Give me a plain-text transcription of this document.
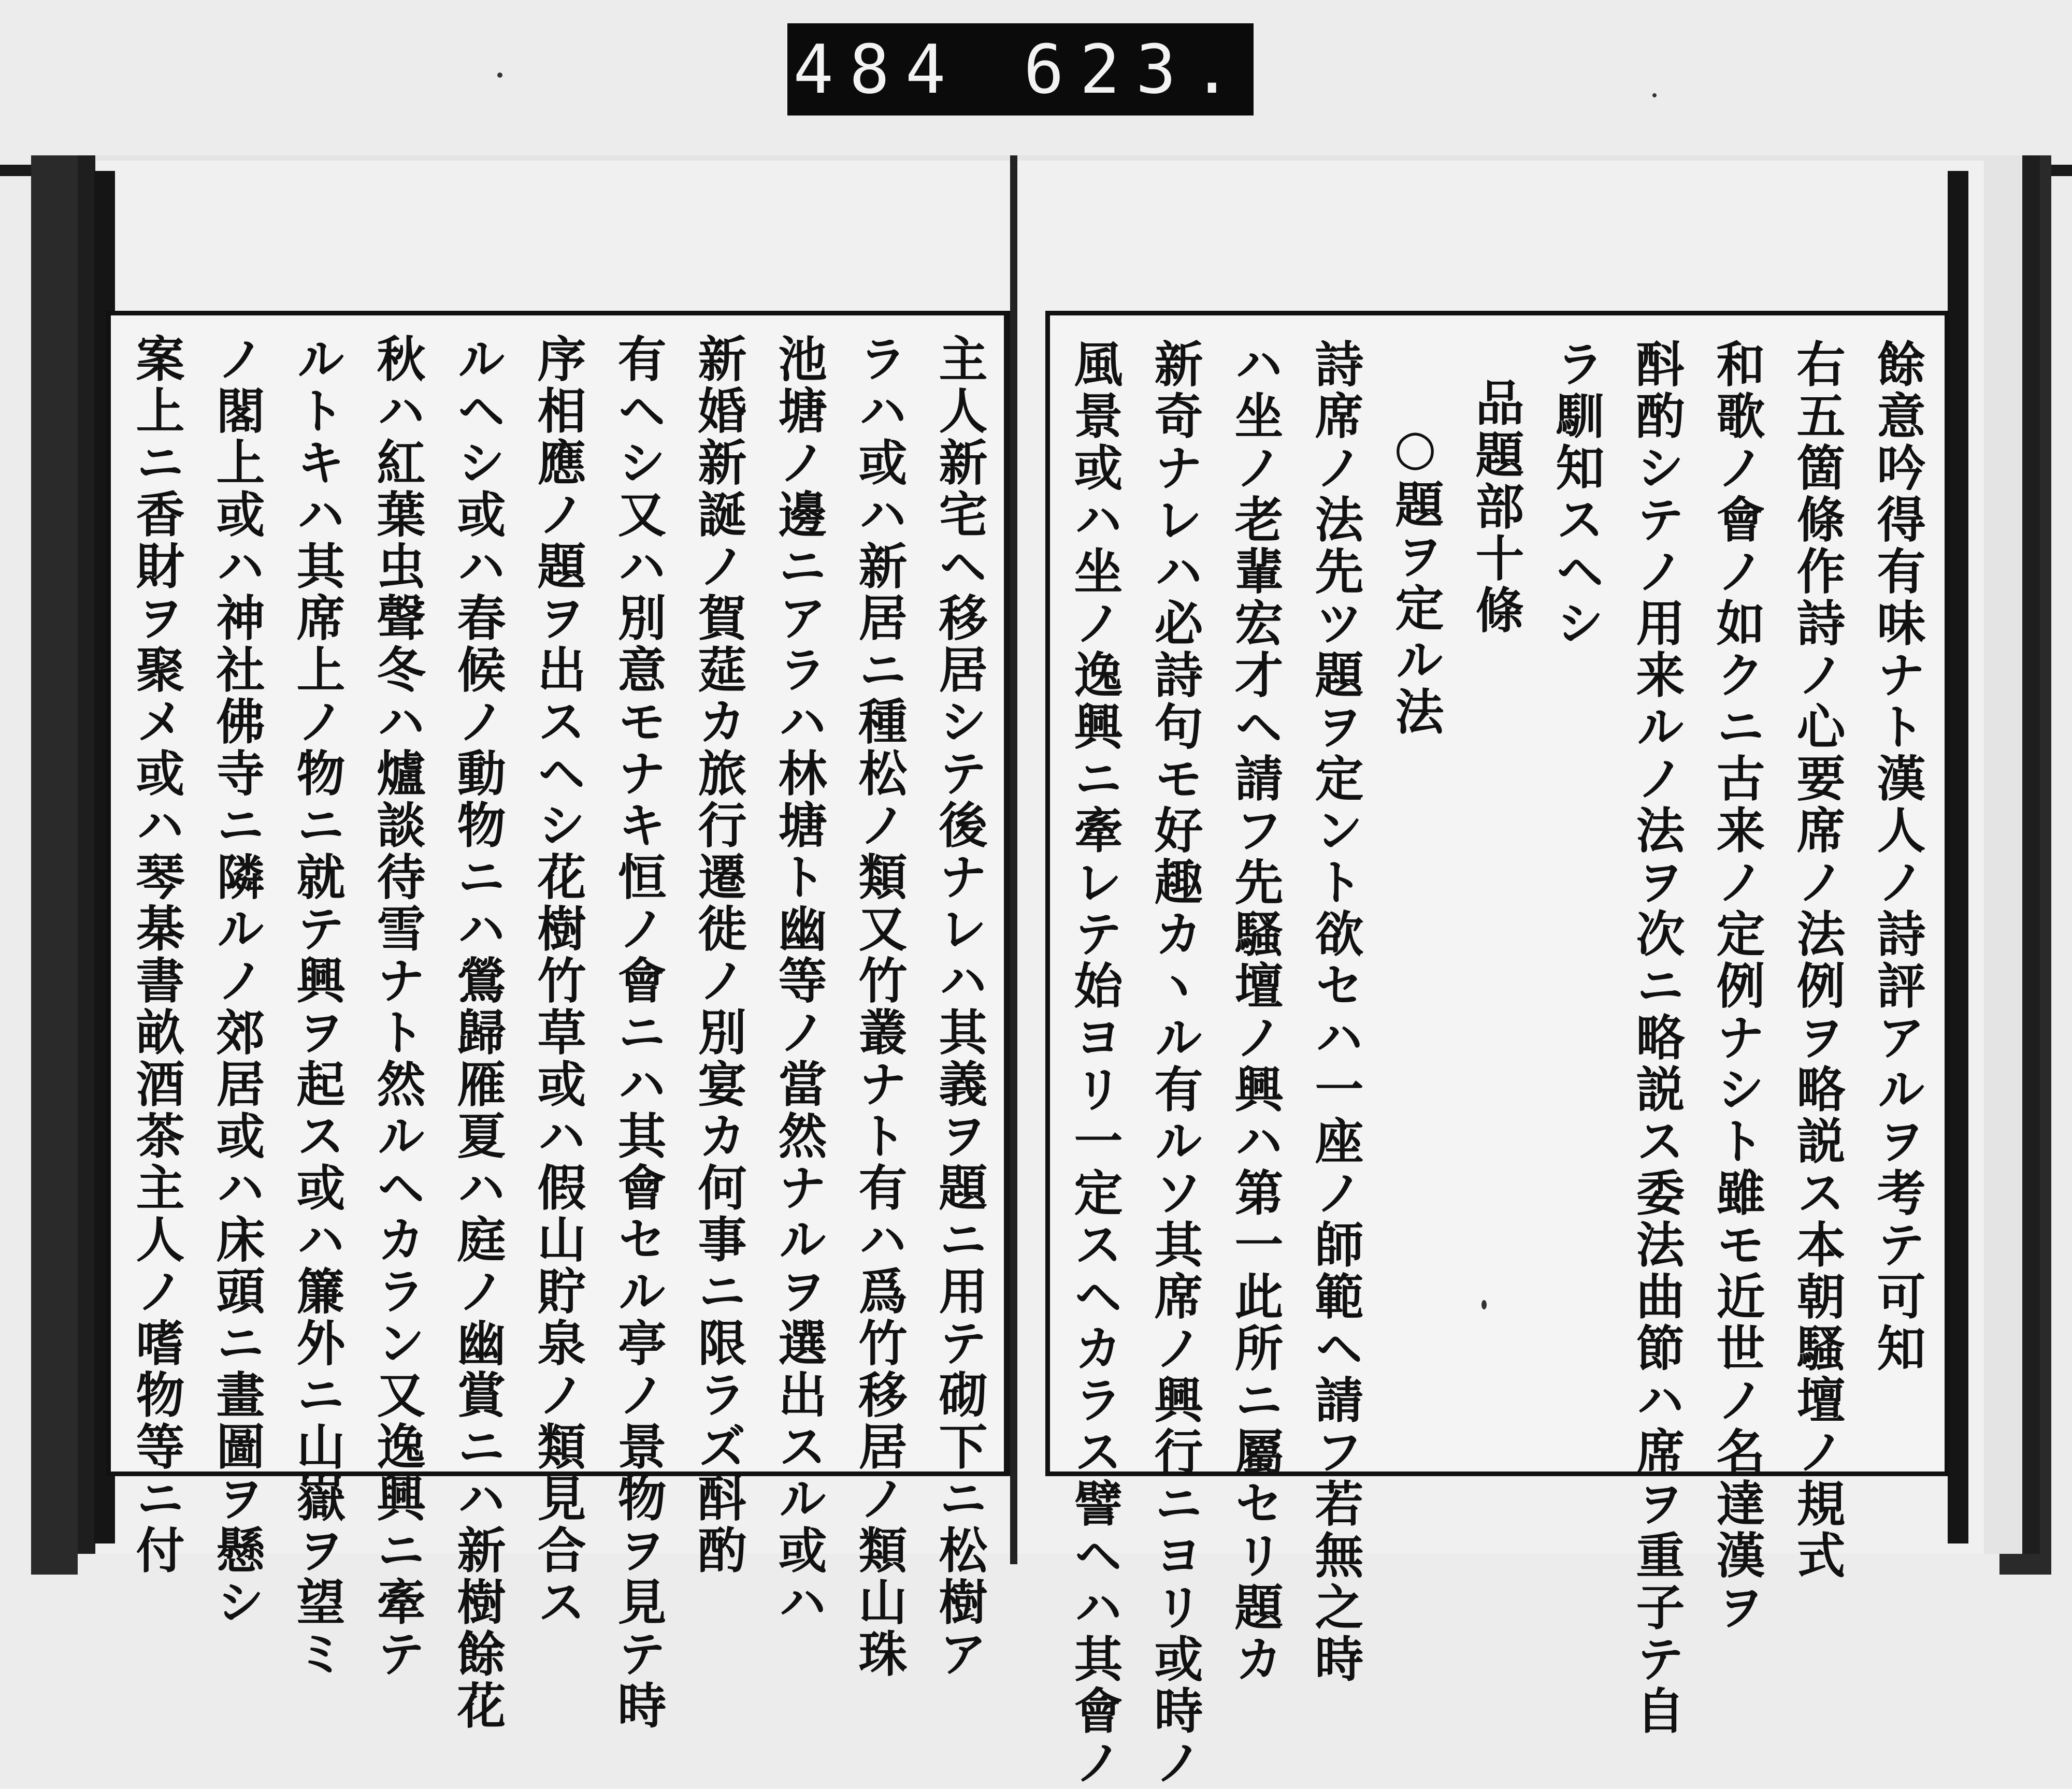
484 623.
餘意吟得有味ナト漢人ノ詩評アルヲ考テ可知
右五箇條作詩ノ心要席ノ法例ヲ略説ス本朝騷壇ノ規式
和歌ノ會ノ如クニ古来ノ定例ナシト雖モ近世ノ名達漢ヲ
酙酌シテノ用来ルノ法ヲ次ニ略説ス委法曲節ハ席ヲ重子テ自
ラ馴知スヘシ
品題部十條
○題ヲ定ル法
詩席ノ法先ツ題ヲ定ント欲セハ一座ノ師範ヘ請フ若無之時
ハ坐ノ老輩宏才ヘ請フ先騷壇ノ興ハ第一此所ニ屬セリ題カ
新奇ナレハ必詩句モ好趣カヽル有ルソ其席ノ興行ニヨリ或時ノ
風景或ハ坐ノ逸興ニ牽レテ始ヨリ一定スヘカラス譬ヘハ其會ノ
主人新宅ヘ移居シテ後ナレハ其義ヲ題ニ用テ砌下ニ松樹ア
ラハ或ハ新居ニ種松ノ類又竹叢ナト有ハ爲竹移居ノ類山珠
池塘ノ邊ニアラハ林塘ト幽等ノ當然ナルヲ選出スル或ハ
新婚新誕ノ賀莚カ旅行遷徙ノ別宴カ何事ニ限ラズ酙酌
有ヘシ又ハ別意モナキ恒ノ會ニハ其會セル亭ノ景物ヲ見テ時
序相應ノ題ヲ出スヘシ花樹竹草或ハ假山貯泉ノ類見合ス
ルヘシ或ハ春候ノ動物ニハ鶯歸雁夏ハ庭ノ幽賞ニハ新樹餘花
秋ハ紅葉虫聲冬ハ爐談待雪ナト然ルヘカラン又逸興ニ牽テ
ルトキハ其席上ノ物ニ就テ興ヲ起ス或ハ簾外ニ山嶽ヲ望ミ
ノ閣上或ハ神社佛寺ニ隣ルノ郊居或ハ床頭ニ畫圖ヲ懸シ
案上ニ香財ヲ聚メ或ハ琴棊書畝酒茶主人ノ嗜物等ニ付
